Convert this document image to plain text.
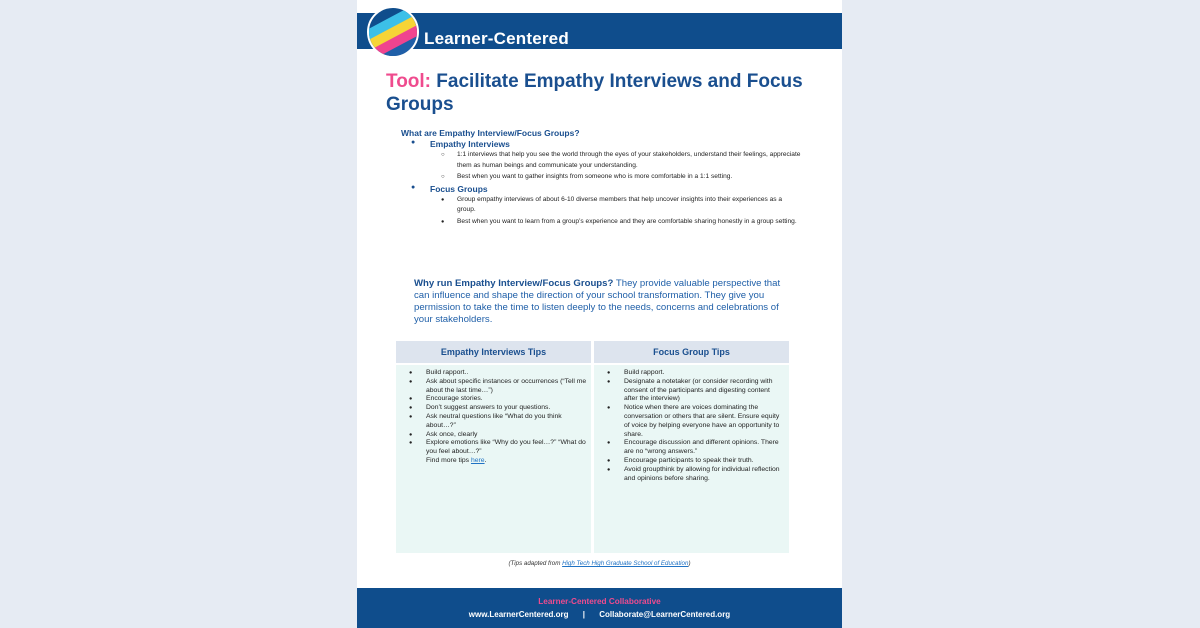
Learner-Centered
COLLABORATIVE
Tool: Facilitate Empathy Interviews and Focus Groups
What are Empathy Interview/Focus Groups?
● Empathy Interviews
○ 1:1 interviews that help you see the world through the eyes of your stakeholders, understand their feelings, appreciate them as human beings and communicate your understanding.
○ Best when you want to gather insights from someone who is more comfortable in a 1:1 setting.
● Focus Groups
● Group empathy interviews of about 6-10 diverse members that help uncover insights into their experiences as a group.
● Best when you want to learn from a group’s experience and they are comfortable sharing honestly in a group setting.
Why run Empathy Interview/Focus Groups? They provide valuable perspective that can influence and shape the direction of your school transformation. They give you permission to take the time to listen deeply to the needs, concerns and celebrations of your stakeholders.
Empathy Interviews Tips
● Build rapport..
● Ask about specific instances or occurrences (“Tell me about the last time…”)
● Encourage stories.
● Don’t suggest answers to your questions.
● Ask neutral questions like “What do you think about…?”
● Ask once, clearly
● Explore emotions like “Why do you feel…?” “What do you feel about…?”
Find more tips here.
Focus Group Tips
● Build rapport.
● Designate a notetaker (or consider recording with consent of the participants and digesting content after the interview)
● Notice when there are voices dominating the conversation or others that are silent. Ensure equity of voice by helping everyone have an opportunity to share.
● Encourage discussion and different opinions. There are no “wrong answers.”
● Encourage participants to speak their truth.
● Avoid groupthink by allowing for individual reflection and opinions before sharing.
(Tips adapted from High Tech High Graduate School of Education)
Learner-Centered Collaborative
www.LearnerCentered.org | Collaborate@LearnerCentered.org
